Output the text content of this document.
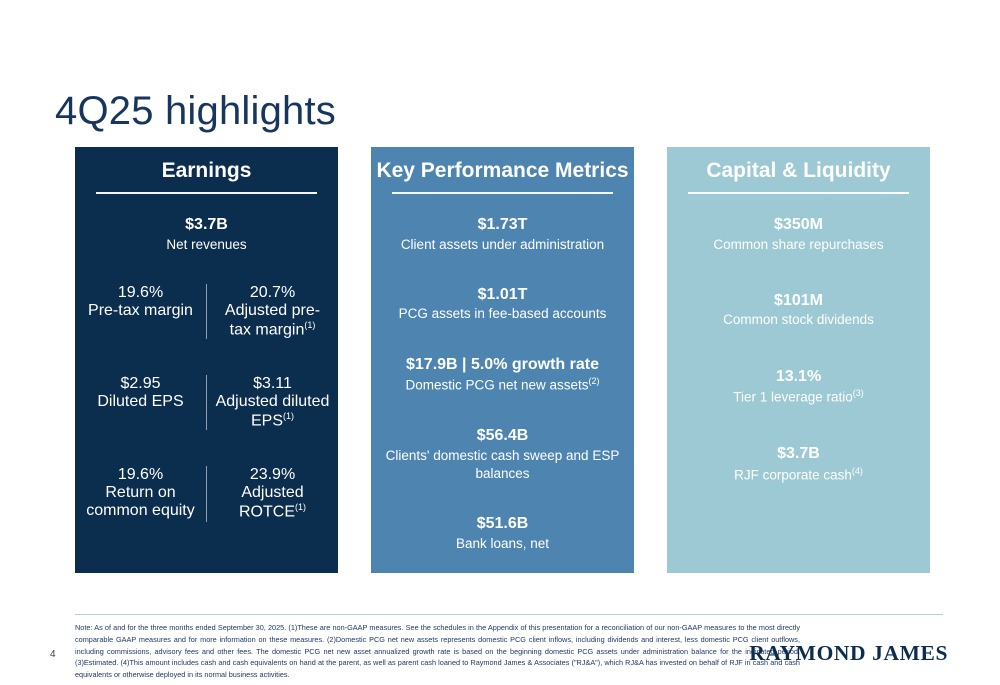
4Q25 highlights
Earnings
$3.7B
Net revenues
19.6%
Pre-tax margin
20.7%
Adjusted pre-tax margin$^{(1)}$
$2.95
Diluted EPS
$3.11
Adjusted diluted EPS$^{(1)}$
19.6%
Return on common equity
23.9%
Adjusted ROTCE$^{(1)}$
Key Performance Metrics
$1.73T
Client assets under administration
$1.01T
PCG assets in fee-based accounts
$17.9B | 5.0% growth rate
Domestic PCG net new assets$^{(2)}$
$56.4B
Clients' domestic cash sweep and ESP balances
$51.6B
Bank loans, net
Capital & Liquidity
$350M
Common share repurchases
$101M
Common stock dividends
13.1%
Tier 1 leverage ratio$^{(3)}$
$3.7B
RJF corporate cash$^{(4)}$
Note: As of and for the three months ended September 30, 2025. (1)These are non-GAAP measures. See the schedules in the Appendix of this presentation for a reconciliation of our non-GAAP measures to the most directly comparable GAAP measures and for more information on these measures. (2)Domestic PCG net new assets represents domestic PCG client inflows, including dividends and interest, less domestic PCG client outflows, including commissions, advisory fees and other fees. The domestic PCG net new asset annualized growth rate is based on the beginning domestic PCG assets under administration balance for the indicated period. (3)Estimated. (4)This amount includes cash and cash equivalents on hand at the parent, as well as parent cash loaned to Raymond James & Associates ("RJ&A"), which RJ&A has invested on behalf of RJF in cash and cash equivalents or otherwise deployed in its normal business activities.
4	RAYMOND JAMES
